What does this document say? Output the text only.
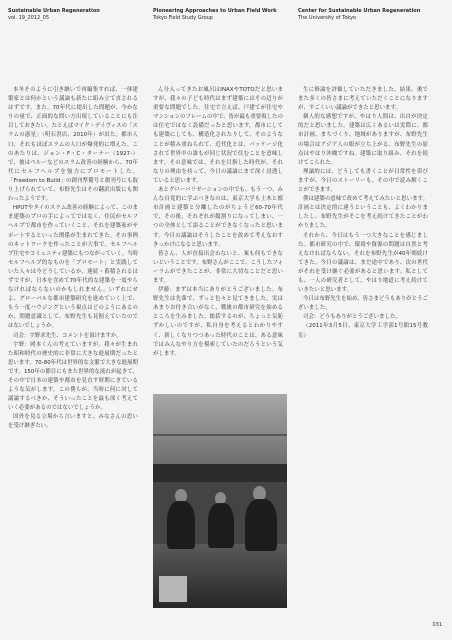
Sustainable Urban Regeneration
vol. 19_2012_05
Pioneering Approaches to Urban Field Work
Tokyo Field Study Group
Center for Sustainable Urban Regeneration
The University of Tokyo

本冬そのように引き継いで再編集すれば、一体建築家とは何かという議論も新たに組み立て直されるはずです。また、70年代に提出した問題が、今かなりの量で、正面的な問い方出現していることにも注目しておきたい。たとえばマイク・デイヴィスの「スラムの惑星」（明石書店、2010年）が出た。都市人口、それもほぼスラムの人口が爆発的に増えた。このあたりは、ジョン・F・C・ターナー（1927-）で、彼はペルーなどのスラム改善の経験から、70年代にセルフヘルプを強力にプロモートした。「Freedom to Build」の創刊準備号と創刊号にも取り上げられていて、布野先生はその翻訳出版にも関わったようです。

HPUTやタイのスラム改善の経験によって、このまま建築のプロの手によってではなく、住民がセルフヘルプで都市を作っていくこと、それを建築家がサポートするといった関係が生まれてきた。その事例のネットワークを作ったことが大事で、セルフヘルプ住宅やコミュニティ建築にもつながっていく。当時セルフヘルプ的なものを「プロモート」と実践していた人々は今どうしているか、連続・蓄積されるはずですが、日本を含めて70年代的な建築を一度やらなければならないのかもしれません。いずれにせよ、グローバルな都市建築研究を進めていく上で、もう一度ハウジングという視点はどのようにあるのか、問題意識として、布野先生も見据えていたのではないでしょうか。

司会：宇野求先生、コメントを頂けますか。

宇野：岡本くんの考えていますが、我々が生まれた昭和時代の歴史的に非常に大きな進展期だったと思います。70-80年代は世界的な文脈で大きな進展期です。150年の節目にもまた世界的な流れが起きて、その中で日本の建築や都市を見直す時期にきているような気がします。この僕らが、当時に何に対して議論するべきか、そういったことを最も深く考えていく必要があるのではないでしょうか。

国外を見る立場から言いますと、みなさんの思いを受け継ぎたい。

ん分入ってきたお風呂はINAXやTOTOだと思いますが、我々の子ども時代はまず建築にはその辺りが重要な問題でした。住宅で言えば、戸建てが住宅やマンションのフレームの中で、皆が最も重要視したのは住宅ではなく設備だったと思います。都市にしても建築にしても、構造化されたりして、そのようなことが積み重ねられて、近代化とは、パッケージ化されて世界中の誰もが同じ状況で住むことを意味します。その意味では、それを目指した時代が、それなりの理由を持って、今日の議論にまで深く浸透していると思います。

あとグローバリゼーションの中でも、もう一つ、みんな自覚的に学ぶべきなのは、東京大学も土木と都市計画と建築と分離したのがちょうど60-70年代で、その後、それぞれが縦割りになってしまい、一つの全体として語ることができなくなったと思います。今日の議論はそうしたことを改めて考えなおすきっかけになると思います。

皆さん、人が直接出会わないと、案も何もできないということです。布野さんがここで、こうしたフォーラムができたことが、非常に大切なことだと思います。

伊藤：まずは本当にありがとうございました。布野先生は先輩で、ずっと色々と見てきました。実はあまりお付き合いがなく、戦後の都市研究を始めるところを生みました。総括するのが、ちょっと気恥ずかしいのですが、私自身を考えるとわかりやすく、新しくなりつつあった時代のことは、ある意味ではみんなやり方を模索していたのだろうという気がします。

生に修論を評価していただきました。結果、後でまた多くの皆さまに考えていただくことになりますが、すごくいい議論ができたと思います。

個人的な感想ですが、やはり人間は、出自が決定的だと思いました。建築は広くあるいは実際に、都市計画、まちづくり、地域がありますが、布野先生の場合はアジア人の眼が立ち上がる。布野先生の原点はやはり沖縄ですね。建築に取り組み、それを続けてこられた。

理論的には、どうしても書くことが日常性を帯びますが、今日のストーリーも、その中で読み解くことができます。

僕は建築の意味で改めて考えてみたいと思います。計画とは決定的に違うということも、よくわかりましたし、布野先生がそこを考え続けてきたことがわかりました。

それから、今日はもう一つ大きなことを感じました。都市研究の中で、環境や資源の問題は自然と考えなければならない。それを布野先生が40年間続けてきた。今日の議論は、まだ途中であり、次の世代がそれを受け継ぐ必要があると思います。私としても、一人の研究者として、やはり地道に考え続けていきたいと思います。

今日は布野先生を始め、皆さまどうもありがとうございました。

司会：どうもありがとうございました。

（2011年3月5日、東京大学工学部1号館15号教室）

031
